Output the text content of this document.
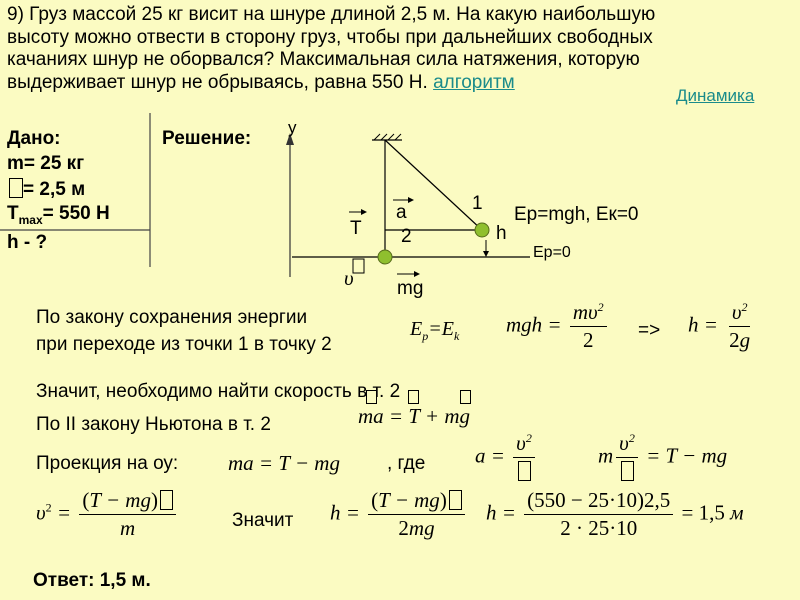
9) Груз массой 25 кг висит на шнуре длиной 2,5 м. На какую наибольшую

высоту можно отвести в сторону груз, чтобы при дальнейших свободных

качаниях шнур не оборвался? Максимальная сила натяжения, которую

выдерживает шнур не обрываясь, равна 550 Н. алгоритм

Динамика
Дано:
m= 25 кг
= 2,5 м
$T_{max}= 550$ Н
h - ?
Решение:
у
1
2
a
T	h
υ mg
Ep=mgh, Eк=0
Ep=0
По закону сохранения энергии
при переходе из точки 1 в точку 2
$E_p=E_k$ mgh = $\frac{m\upsilon^2}{2} => h = \frac{\upsilon^2}{2g}$
Значит, необходимо найти скорость в т. 2
По II закону Ньютона в т. 2	m
a =
T + m
g
Проекция на оу: ma = T − mg , где a =
$\upsilon^2$
m
$\upsilon^2$
= T − mg
$\upsilon^2 = \frac{(T - mg)}{m}$	Значит $h = \frac{(T - mg)}{2mg}$ $h = \frac{(550 - 25\cdot 10)2,5}{2 \cdot 25\cdot 10} = 1,5$ м
Ответ: 1,5 м.
